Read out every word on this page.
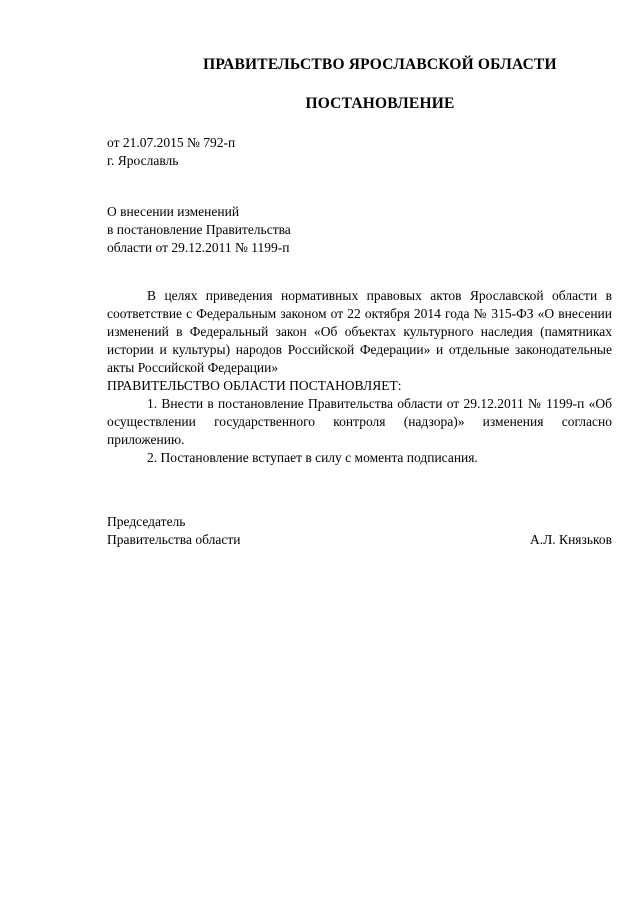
ПРАВИТЕЛЬСТВО ЯРОСЛАВСКОЙ ОБЛАСТИ
ПОСТАНОВЛЕНИЕ
от 21.07.2015 № 792-п
г. Ярославль
О внесении изменений
в постановление Правительства
области от 29.12.2011 № 1199-п

В целях приведения нормативных правовых актов Ярославской области в соответствие с Федеральным законом от 22 октября 2014 года № 315-ФЗ «О внесении изменений в Федеральный закон «Об объектах культурного наследия (памятниках истории и культуры) народов Российской Федерации» и отдельные законодательные акты Российской Федерации»

ПРАВИТЕЛЬСТВО ОБЛАСТИ ПОСТАНОВЛЯЕТ:

1. Внести в постановление Правительства области от 29.12.2011 № 1199-п «Об осуществлении государственного контроля (надзора)» изменения согласно приложению.

2. Постановление вступает в силу с момента подписания.

Председатель
Правительства области	А.Л. Князьков
